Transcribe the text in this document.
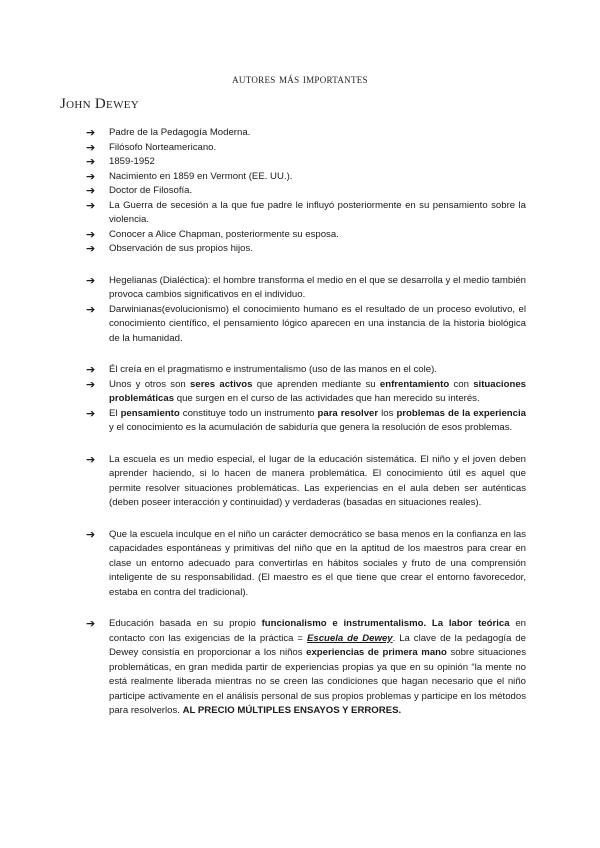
autores más importantes
John Dewey
➔ Padre de la Pedagogía Moderna.
➔ Filósofo Norteamericano.
➔ 1859-1952
➔ Nacimiento en 1859 en Vermont (EE. UU.).
➔ Doctor de Filosofía.
➔ La Guerra de secesión a la que fue padre le influyó posteriormente en su pensamiento sobre la violencia.
➔ Conocer a Alice Chapman, posteriormente su esposa.
➔ Observación de sus propios hijos.
➔ Hegelianas (Dialéctica): el hombre transforma el medio en el que se desarrolla y el medio también provoca cambios significativos en el individuo.
➔ Darwinianas(evolucionismo) el conocimiento humano es el resultado de un proceso evolutivo, el conocimiento científico, el pensamiento lógico aparecen en una instancia de la historia biológica de la humanidad.
➔ Él creía en el pragmatismo e instrumentalismo (uso de las manos en el cole).
➔ Unos y otros son seres activos que aprenden mediante su enfrentamiento con situaciones problemáticas que surgen en el curso de las actividades que han merecido su interés.
➔ El pensamiento constituye todo un instrumento para resolver los problemas de la experiencia y el conocimiento es la acumulación de sabiduría que genera la resolución de esos problemas.
➔ La escuela es un medio especial, el lugar de la educación sistemática. El niño y el joven deben aprender haciendo, si lo hacen de manera problemática. El conocimiento útil es aquel que permite resolver situaciones problemáticas. Las experiencias en el aula deben ser auténticas (deben poseer interacción y continuidad) y verdaderas (basadas en situaciones reales).
➔ Que la escuela inculque en el niño un carácter democrático se basa menos en la confianza en las capacidades espontáneas y primitivas del niño que en la aptitud de los maestros para crear en clase un entorno adecuado para convertirlas en hábitos sociales y fruto de una comprensión inteligente de su responsabilidad. (El maestro es el que tiene que crear el entorno favorecedor, estaba en contra del tradicional).
➔ Educación basada en su propio funcionalismo e instrumentalismo. La labor teórica en contacto con las exigencias de la práctica = Escuela de Dewey. La clave de la pedagogía de Dewey consistía en proporcionar a los niños experiencias de primera mano sobre situaciones problemáticas, en gran medida partir de experiencias propias ya que en su opinión “la mente no está realmente liberada mientras no se creen las condiciones que hagan necesario que el niño participe activamente en el análisis personal de sus propios problemas y participe en los métodos para resolverlos. AL PRECIO MÚLTIPLES ENSAYOS Y ERRORES.
